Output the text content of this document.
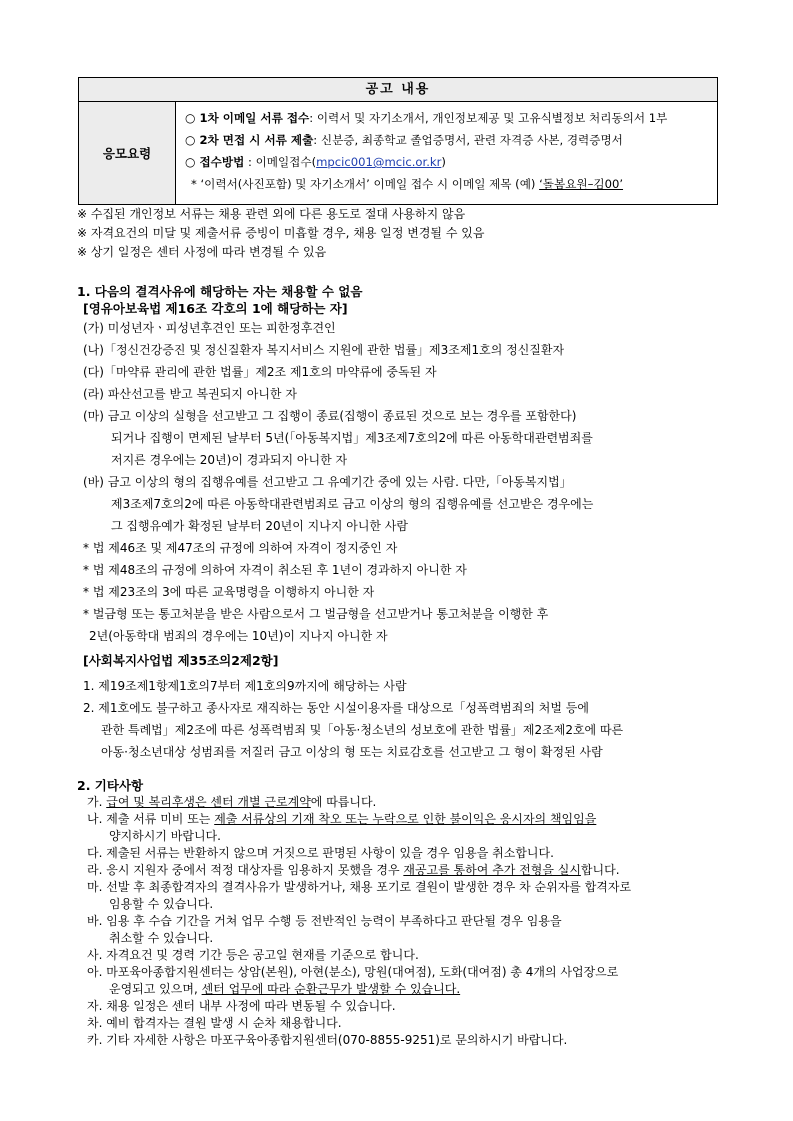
공고 내용
응모요령
○ 1차 이메일 서류 접수: 이력서 및 자기소개서, 개인정보제공 및 고유식별정보 처리동의서 1부
○ 2차 면접 시 서류 제출: 신분증, 최종학교 졸업증명서, 관련 자격증 사본, 경력증명서
○ 접수방법 : 이메일접수(mpcic001@mcic.or.kr)
* ‘이력서(사진포함) 및 자기소개서’ 이메일 접수 시 이메일 제목 (예) ‘돌봄요원–김00’
※ 수집된 개인정보 서류는 채용 관련 외에 다른 용도로 절대 사용하지 않음
※ 자격요건의 미달 및 제출서류 증빙이 미흡할 경우, 채용 일정 변경될 수 있음
※ 상기 일정은 센터 사정에 따라 변경될 수 있음
1. 다음의 결격사유에 해당하는 자는 채용할 수 없음
[영유아보육법 제16조 각호의 1에 해당하는 자]
(가) 미성년자ㆍ피성년후견인 또는 피한정후견인
(나)「정신건강증진 및 정신질환자 복지서비스 지원에 관한 법률」제3조제1호의 정신질환자
(다)「마약류 관리에 관한 법률」제2조 제1호의 마약류에 중독된 자
(라) 파산선고를 받고 복권되지 아니한 자
(마) 금고 이상의 실형을 선고받고 그 집행이 종료(집행이 종료된 것으로 보는 경우를 포함한다)
되거나 집행이 면제된 날부터 5년(「아동복지법」제3조제7호의2에 따른 아동학대관련범죄를
저지른 경우에는 20년)이 경과되지 아니한 자
(바) 금고 이상의 형의 집행유예를 선고받고 그 유예기간 중에 있는 사람. 다만,「아동복지법」
제3조제7호의2에 따른 아동학대관련범죄로 금고 이상의 형의 집행유예를 선고받은 경우에는
그 집행유예가 확정된 날부터 20년이 지나지 아니한 사람
* 법 제46조 및 제47조의 규정에 의하여 자격이 정지중인 자
* 법 제48조의 규정에 의하여 자격이 취소된 후 1년이 경과하지 아니한 자
* 법 제23조의 3에 따른 교육명령을 이행하지 아니한 자
* 벌금형 또는 통고처분을 받은 사람으로서 그 벌금형을 선고받거나 통고처분을 이행한 후
2년(아동학대 범죄의 경우에는 10년)이 지나지 아니한 자
[사회복지사업법 제35조의2제2항]
1. 제19조제1항제1호의7부터 제1호의9까지에 해당하는 사람
2. 제1호에도 불구하고 종사자로 재직하는 동안 시설이용자를 대상으로「성폭력범죄의 처벌 등에
관한 특례법」제2조에 따른 성폭력범죄 및「아동·청소년의 성보호에 관한 법률」제2조제2호에 따른
아동·청소년대상 성범죄를 저질러 금고 이상의 형 또는 치료감호를 선고받고 그 형이 확정된 사람
2. 기타사항
가. 급여 및 복리후생은 센터 개별 근로계약에 따릅니다.
나. 제출 서류 미비 또는 제출 서류상의 기재 착오 또는 누락으로 인한 불이익은 응시자의 책임임을
양지하시기 바랍니다.
다. 제출된 서류는 반환하지 않으며 거짓으로 판명된 사항이 있을 경우 임용을 취소합니다.
라. 응시 지원자 중에서 적정 대상자를 임용하지 못했을 경우 재공고를 통하여 추가 전형을 실시합니다.
마. 선발 후 최종합격자의 결격사유가 발생하거나, 채용 포기로 결원이 발생한 경우 차 순위자를 합격자로
임용할 수 있습니다.
바. 임용 후 수습 기간을 거쳐 업무 수행 등 전반적인 능력이 부족하다고 판단될 경우 임용을
취소할 수 있습니다.
사. 자격요건 및 경력 기간 등은 공고일 현재를 기준으로 합니다.
아. 마포육아종합지원센터는 상암(본원), 아현(분소), 망원(대여점), 도화(대여점) 총 4개의 사업장으로
운영되고 있으며, 센터 업무에 따라 순환근무가 발생할 수 있습니다.
자. 채용 일정은 센터 내부 사정에 따라 변동될 수 있습니다.
차. 예비 합격자는 결원 발생 시 순차 채용합니다.
카. 기타 자세한 사항은 마포구육아종합지원센터(070-8855-9251)로 문의하시기 바랍니다.
